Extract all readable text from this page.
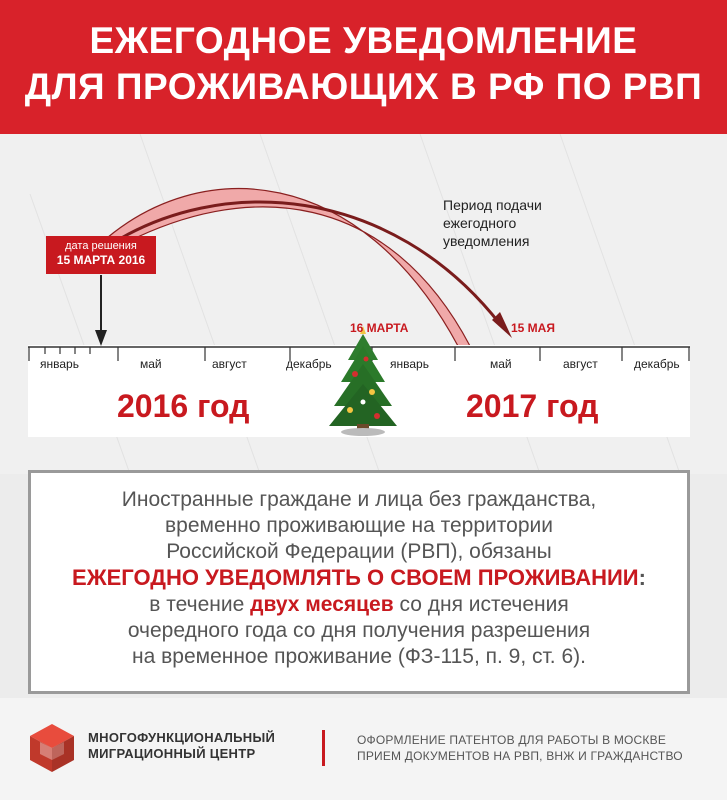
ЕЖЕГОДНОЕ УВЕДОМЛЕНИЕ
ДЛЯ ПРОЖИВАЮЩИХ В РФ ПО РВП
дата решения
15 МАРТА 2016
Период подачи
ежегодного
уведомления
16 МАРТА	15 МАЯ
январь	май	август	декабрь	январь	май	август	декабрь
2016 год	2017 год
Иностранные граждане и лица без гражданства,
временно проживающие на территории
Российской Федерации (РВП), обязаны
ЕЖЕГОДНО УВЕДОМЛЯТЬ О СВОЕМ ПРОЖИВАНИИ:
в течение двух месяцев со дня истечения
очередного года со дня получения разрешения
на временное проживание (ФЗ-115, п. 9, ст. 6).
МНОГОФУНКЦИОНАЛЬНЫЙ
МИГРАЦИОННЫЙ ЦЕНТР
ОФОРМЛЕНИЕ ПАТЕНТОВ ДЛЯ РАБОТЫ В МОСКВЕ
ПРИЕМ ДОКУМЕНТОВ НА РВП, ВНЖ И ГРАЖДАНСТВО
